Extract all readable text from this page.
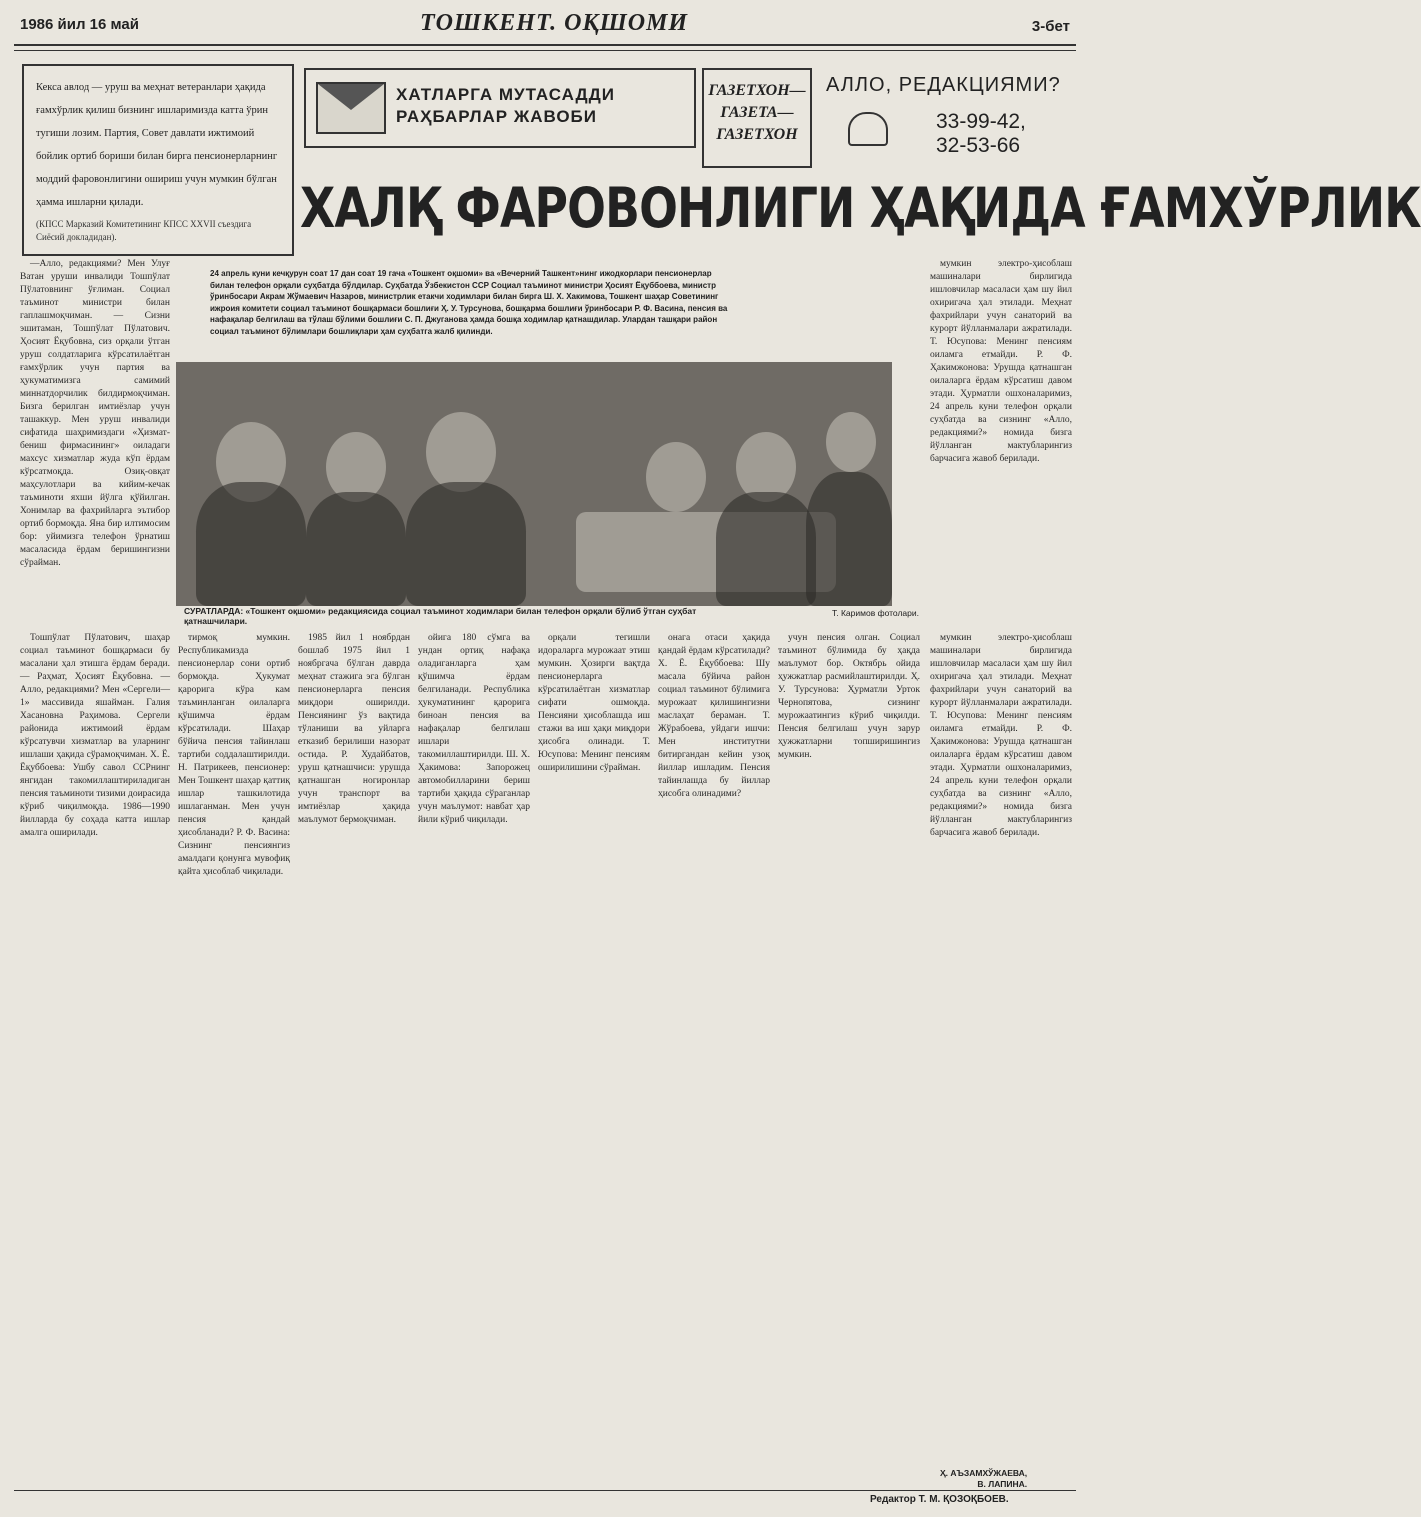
1986 йил 16 май	ТОШКЕНТ. ОҚШОМИ	3-бет
Кекса авлод — уруш ва меҳнат ветеранлари ҳақида ғамхўрлик қилиш бизнинг ишларимизда катта ўрин тугиши лозим. Партия, Совет давлати ижтимоий бойлик ортиб бориши билан бирга пенсионерларнинг моддий фаровонлигини ошириш учун мумкин бўлган ҳамма ишларни қилади.
(КПСС Марказий Комитетининг КПСС XXVII съездига Сиёсий докладидан).
ХАТЛАРГА МУТАСАДДИ
РАҲБАРЛАР ЖАВОБИ
ГАЗЕТХОН—
ГАЗЕТА—
ГАЗЕТХОН
АЛЛО, РЕДАКЦИЯМИ?
33-99-42,
32-53-66
ХАЛҚ ФАРОВОНЛИГИ ҲАҚИДА ҒАМХЎРЛИК
24 апрель куни кечқурун соат 17 дан соат 19 гача «Тошкент оқшоми» ва «Вечерний Ташкент»нинг ижодкорлари пенсионерлар билан телефон орқали суҳбатда бўлдилар. Суҳбатда Ўзбекистон ССР Социал таъминот министри Ҳосият Ёқуббоева, министр ўринбосари Акрам Жўмаевич Назаров, министрлик етакчи ходимлари билан бирга Ш. Х. Хакимова, Тошкент шаҳар Советининг ижроия комитети социал таъминот бошқармаси бошлиғи Ҳ. У. Турсунова, бошқарма бошлиғи ўринбосари Р. Ф. Васина, пенсия ва нафақалар белгилаш ва тўлаш бўлими бошлиғи С. П. Джуганова ҳамда бошқа ходимлар қатнашдилар. Улардан ташқари район социал таъминот бўлимлари бошлиқлари ҳам суҳбатга жалб қилинди.
СУРАТЛАРДА: «Тошкент оқшоми» редакциясида социал таъминот ходимлари билан телефон орқали бўлиб ўтган суҳбат қатнашчилари.
Т. Каримов фотолари.

—Алло, редакциями? Мен Улуғ Ватан уруши инвалиди Тошпўлат Пўлатовнинг ўғлиман. Социал таъминот министри билан гаплашмоқчиман. — Сизни эшитаман, Тошпўлат Пўлатович. Ҳосият Ёқубовна, сиз орқали ўтган уруш солдатларига кўрсатилаётган ғамхўрлик учун партия ва ҳукуматимизга самимий миннатдорчилик билдирмоқчиман. Бизга берилган имтиёзлар учун ташаккур. Мен уруш инвалиди сифатида шаҳримиздаги «Ҳизмат-бениш фирмасининг» оиладаги махсус хизматлар жуда кўп ёрдам кўрсатмоқда. Озиқ-овқат маҳсулотлари ва кийим-кечак таъминоти яхши йўлга қўйилган. Хонимлар ва фахрийларга эътибор ортиб бормоқда. Яна бир илтимосим бор: уйимизга телефон ўрнатиш масаласида ёрдам беришингизни сўрайман.

мумкин электро-ҳисоблаш машиналари бирлигида ишловчилар масаласи ҳам шу йил охиригача ҳал этилади. Меҳнат фахрийлари учун санаторий ва курорт йўлланмалари ажратилади. Т. Юсупова: Менинг пенсиям оиламга етмайди. Р. Ф. Ҳакимжонова: Урушда қатнашган оилаларга ёрдам кўрсатиш давом этади. Ҳурматли ошхоналаримиз, 24 апрель куни телефон орқали суҳбатда ва сизнинг «Алло, редакциями?» номида бизга йўлланган мактубларингиз барчасига жавоб берилади.

Тошпўлат Пўлатович, шаҳар социал таъминот бошқармаси бу масалани ҳал этишга ёрдам беради. — Раҳмат, Ҳосият Ёқубовна. — Алло, редакциями? Мен «Сергели—1» массивида яшайман. Галия Хасановна Раҳимова. Сергели районида ижтимоий ёрдам кўрсатувчи хизматлар ва уларнинг ишлаши ҳақида сўрамоқчиман. Х. Ё. Ёқуббоева: Ушбу савол ССРнинг янгидан такомиллаштириладиган пенсия таъминоти тизими доирасида кўриб чиқилмоқда. 1986—1990 йилларда бу соҳада катта ишлар амалга оширилади.

тирмоқ мумкин. Республикамизда пенсионерлар сони ортиб бормоқда. Ҳукумат қарорига кўра кам таъминланган оилаларга қўшимча ёрдам кўрсатилади. Шаҳар бўйича пенсия тайинлаш тартиби соддалаштирилди. Н. Патрикеев, пенсионер: Мен Тошкент шаҳар қаттиқ ишлар ташкилотида ишлаганман. Мен учун пенсия қандай ҳисобланади? Р. Ф. Васина: Сизнинг пенсиянгиз амалдаги қонунга мувофиқ қайта ҳисоблаб чиқилади.

1985 йил 1 ноябрдан бошлаб 1975 йил 1 ноябргача бўлган даврда меҳнат стажига эга бўлган пенсионерларга пенсия миқдори оширилди. Пенсиянинг ўз вақтида тўланиши ва уйларга етказиб берилиши назорат остида. Р. Худайбатов, уруш қатнашчиси: урушда қатнашган ногиронлар учун транспорт ва имтиёзлар ҳақида маълумот бермоқчиман.

ойига 180 сўмга ва ундан ортиқ нафақа оладиганларга ҳам қўшимча ёрдам белгиланади. Республика ҳукуматининг қарорига биноан пенсия ва нафақалар белгилаш ишлари такомиллаштирилди. Ш. Х. Ҳакимова: Запорожец автомобилларини бериш тартиби ҳақида сўраганлар учун маълумот: навбат ҳар йили кўриб чиқилади.

орқали тегишли идораларга мурожаат этиш мумкин. Ҳозирги вақтда пенсионерларга кўрсатилаётган хизматлар сифати ошмоқда. Пенсияни ҳисоблашда иш стажи ва иш ҳақи миқдори ҳисобга олинади. Т. Юсупова: Менинг пенсиям оширилишини сўрайман.

онага отаси ҳақида қандай ёрдам кўрсатилади? Х. Ё. Ёқуббоева: Шу масала бўйича район социал таъминот бўлимига мурожаат қилишингизни маслаҳат бераман. Т. Жўрабоева, уйдаги ишчи: Мен институтни битиргандан кейин узоқ йиллар ишладим. Пенсия тайинлашда бу йиллар ҳисобга олинадими?

учун пенсия олган. Социал таъминот бўлимида бу ҳақда маълумот бор. Октябрь ойида ҳужжатлар расмийлаштирилди. Ҳ. У. Турсунова: Ҳурматли Урток Чернопятова, сизнинг мурожаатингиз кўриб чиқилди. Пенсия белгилаш учун зарур ҳужжатларни топширишингиз мумкин.

мумкин электро-ҳисоблаш машиналари бирлигида ишловчилар масаласи ҳам шу йил охиригача ҳал этилади. Меҳнат фахрийлари учун санаторий ва курорт йўлланмалари ажратилади. Т. Юсупова: Менинг пенсиям оиламга етмайди. Р. Ф. Ҳакимжонова: Урушда қатнашган оилаларга ёрдам кўрсатиш давом этади. Ҳурматли ошхоналаримиз, 24 апрель куни телефон орқали суҳбатда ва сизнинг «Алло, редакциями?» номида бизга йўлланган мактубларингиз барчасига жавоб берилади.

Ҳ. АЪЗАМХЎЖАЕВА,
В. ЛАПИНА.
Редактор Т. М. ҚОЗОҚБОЕВ.
